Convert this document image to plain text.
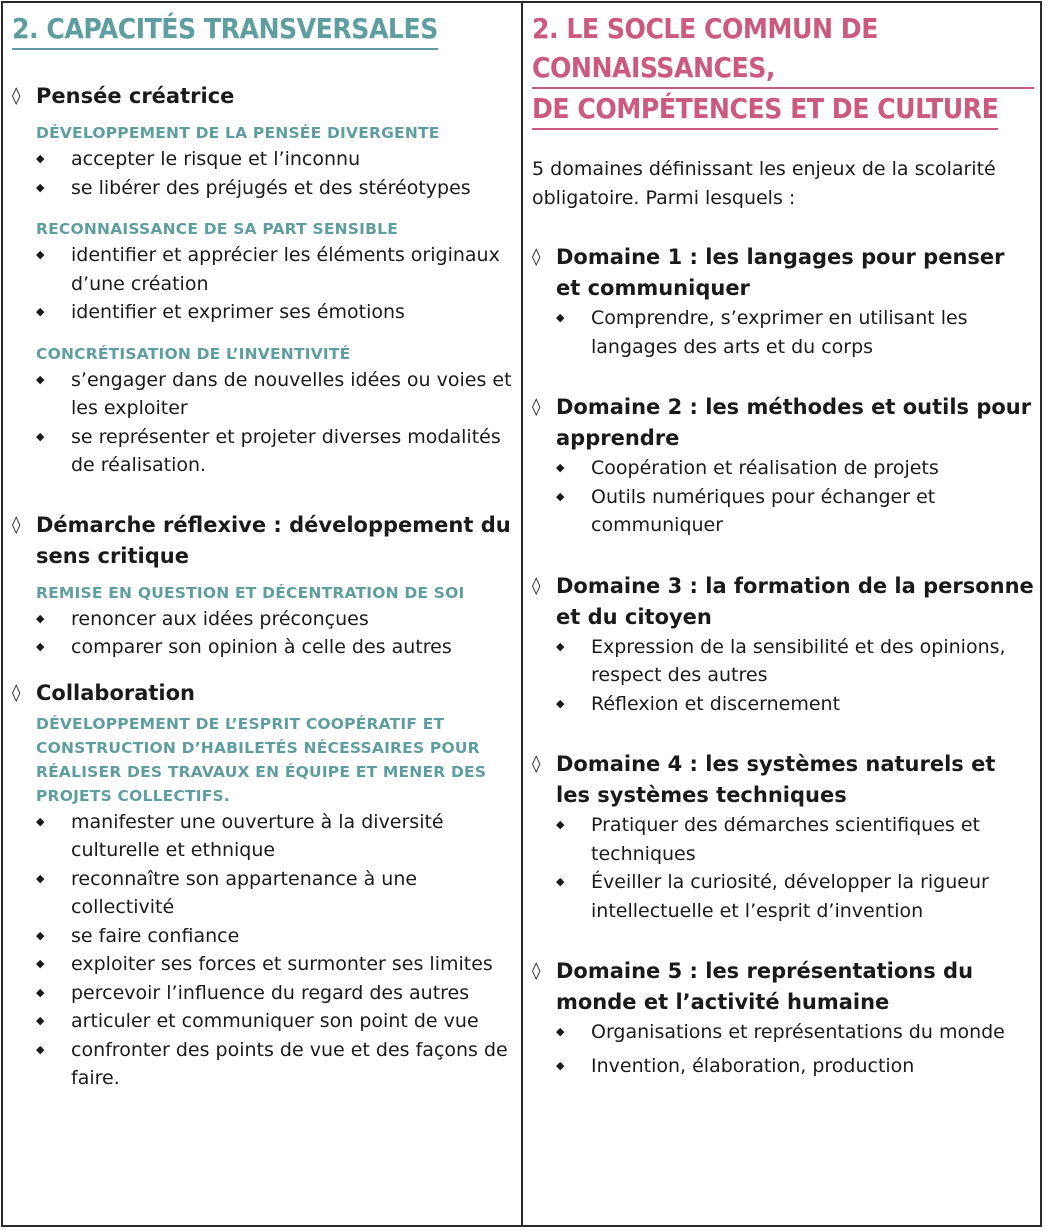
2. CAPACITÉS TRANSVERSALES
◊ Pensée créatrice

DÉVELOPPEMENT DE LA PENSÉE DIVERGENTE

◆ accepter le risque et l’inconnu
◆ se libérer des préjugés et des stéréotypes

RECONNAISSANCE DE SA PART SENSIBLE

◆ identifier et apprécier les éléments originaux d’une création
◆ identifier et exprimer ses émotions

CONCRÉTISATION DE L’INVENTIVITÉ

◆ s’engager dans de nouvelles idées ou voies et les exploiter
◆ se représenter et projeter diverses modalités de réalisation.
◊ Démarche réflexive : développement du sens critique

REMISE EN QUESTION ET DÉCENTRATION DE SOI

◆ renoncer aux idées préconçues
◆ comparer son opinion à celle des autres
◊ Collaboration

DÉVELOPPEMENT DE L’ESPRIT COOPÉRATIF ET CONSTRUCTION D’HABILETÉS NÉCESSAIRES POUR RÉALISER DES TRAVAUX EN ÉQUIPE ET MENER DES PROJETS COLLECTIFS.

◆ manifester une ouverture à la diversité culturelle et ethnique
◆ reconnaître son appartenance à une collectivité
◆ se faire confiance
◆ exploiter ses forces et surmonter ses limites
◆ percevoir l’influence du regard des autres
◆ articuler et communiquer son point de vue
◆ confronter des points de vue et des façons de faire.
2. LE SOCLE COMMUN DE CONNAISSANCES,
DE COMPÉTENCES ET DE CULTURE

5 domaines définissant les enjeux de la scolarité obligatoire. Parmi lesquels :

◊ Domaine 1 : les langages pour penser et communiquer
◆ Comprendre, s’exprimer en utilisant les langages des arts et du corps
◊ Domaine 2 : les méthodes et outils pour apprendre
◆ Coopération et réalisation de projets
◆ Outils numériques pour échanger et communiquer
◊ Domaine 3 : la formation de la personne et du citoyen
◆ Expression de la sensibilité et des opinions, respect des autres
◆ Réflexion et discernement
◊ Domaine 4 : les systèmes naturels et les systèmes techniques
◆ Pratiquer des démarches scientifiques et techniques
◆ Éveiller la curiosité, développer la rigueur intellectuelle et l’esprit d’invention
◊ Domaine 5 : les représentations du monde et l’activité humaine
◆ Organisations et représentations du monde
◆ Invention, élaboration, production
